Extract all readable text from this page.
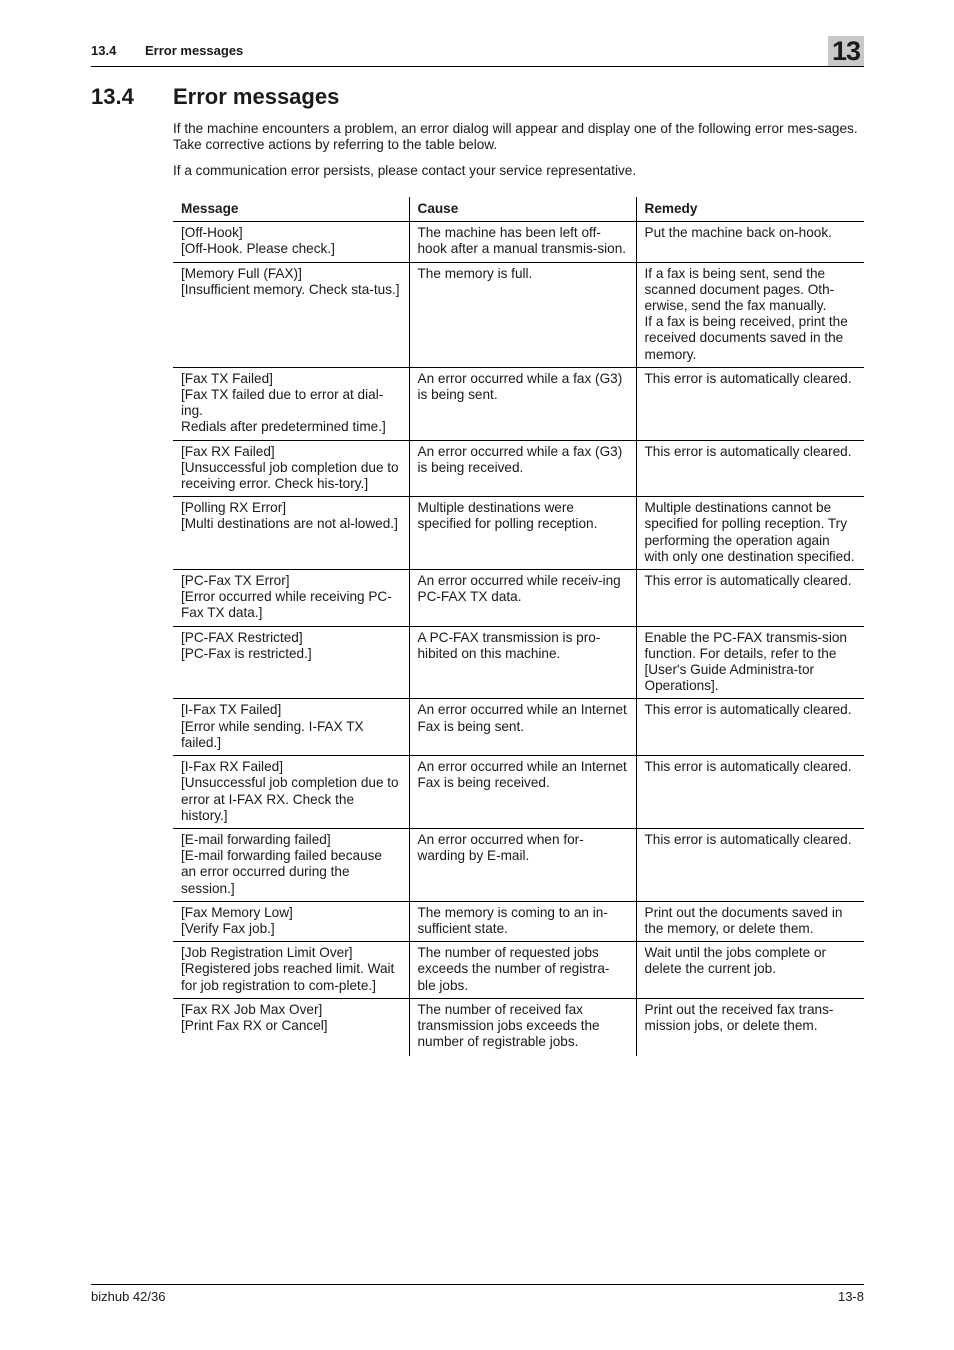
13.4 Error messages	13
13.4 Error messages

If the machine encounters a problem, an error dialog will appear and display one of the following error mes-sages. Take corrective actions by referring to the table below.

If a communication error persists, please contact your service representative.

Message	Cause	Remedy

[Off-Hook]
[Off-Hook. Please check.]	The machine has been left off-hook after a manual transmis-sion.	Put the machine back on-hook.

[Memory Full (FAX)]
[Insufficient memory. Check sta-tus.]	The memory is full.	If a fax is being sent, send the scanned document pages. Oth-erwise, send the fax manually.
If a fax is being received, print the received documents saved in the memory.

[Fax TX Failed]
[Fax TX failed due to error at dial-ing.
Redials after predetermined time.]	An error occurred while a fax (G3) is being sent.	This error is automatically cleared.

[Fax RX Failed]
[Unsuccessful job completion due to receiving error. Check his-tory.]	An error occurred while a fax (G3) is being received.	This error is automatically cleared.

[Polling RX Error]
[Multi destinations are not al-lowed.]	Multiple destinations were specified for polling reception.	Multiple destinations cannot be specified for polling reception. Try performing the operation again with only one destination specified.

[PC-Fax TX Error]
[Error occurred while receiving PC-Fax TX data.]	An error occurred while receiv-ing PC-FAX TX data.	This error is automatically cleared.

[PC-FAX Restricted]
[PC-Fax is restricted.]	A PC-FAX transmission is pro-hibited on this machine.	Enable the PC-FAX transmis-sion function. For details, refer to the [User's Guide Administra-tor Operations].

[I-Fax TX Failed]
[Error while sending. I-FAX TX failed.]	An error occurred while an Internet Fax is being sent.	This error is automatically cleared.

[I-Fax RX Failed]
[Unsuccessful job completion due to error at I-FAX RX. Check the history.]	An error occurred while an Internet Fax is being received.	This error is automatically cleared.

[E-mail forwarding failed]
[E-mail forwarding failed because an error occurred during the session.]	An error occurred when for-warding by E-mail.	This error is automatically cleared.

[Fax Memory Low]
[Verify Fax job.]	The memory is coming to an in-sufficient state.	Print out the documents saved in the memory, or delete them.

[Job Registration Limit Over]
[Registered jobs reached limit. Wait for job registration to com-plete.]	The number of requested jobs exceeds the number of registra-ble jobs.	Wait until the jobs complete or delete the current job.

[Fax RX Job Max Over]
[Print Fax RX or Cancel]	The number of received fax transmission jobs exceeds the number of registrable jobs.	Print out the received fax trans-mission jobs, or delete them.
bizhub 42/36	13-8
